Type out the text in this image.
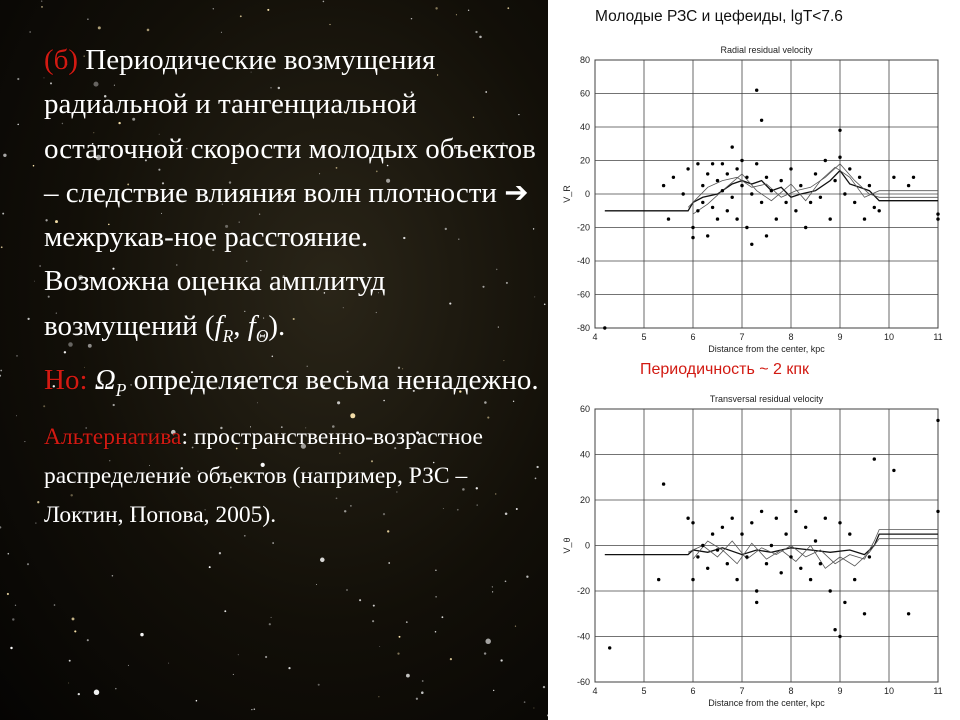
(б) Периодические возмущения радиальной и тангенциальной остаточной скорости молодых объектов – следствие влияния волн плотности ➔ межрукав-ное расстояние.
Возможна оценка амплитуд возмущений ($f_R$, $f_\Theta$).
Но: $\Omega_P$ определяется весьма ненадежно.
Альтернатива: пространственно-возрастное распределение объектов (например, РЗС – Локтин, Попова, 2005).
Молодые РЗС и цефеиды, lgT<7.6
4	5	6	7	8	9	10	11
-80
-60
-40
-20
0
20
40
60
80
Radial residual velocity
Distance from the center, kpc
V_R
4	5	6	7	8	9	10	11
-60
-40
-20
0
20
40
60
Transversal residual velocity
Distance from the center, kpc
V_θ
Периодичность ~ 2 кпк
